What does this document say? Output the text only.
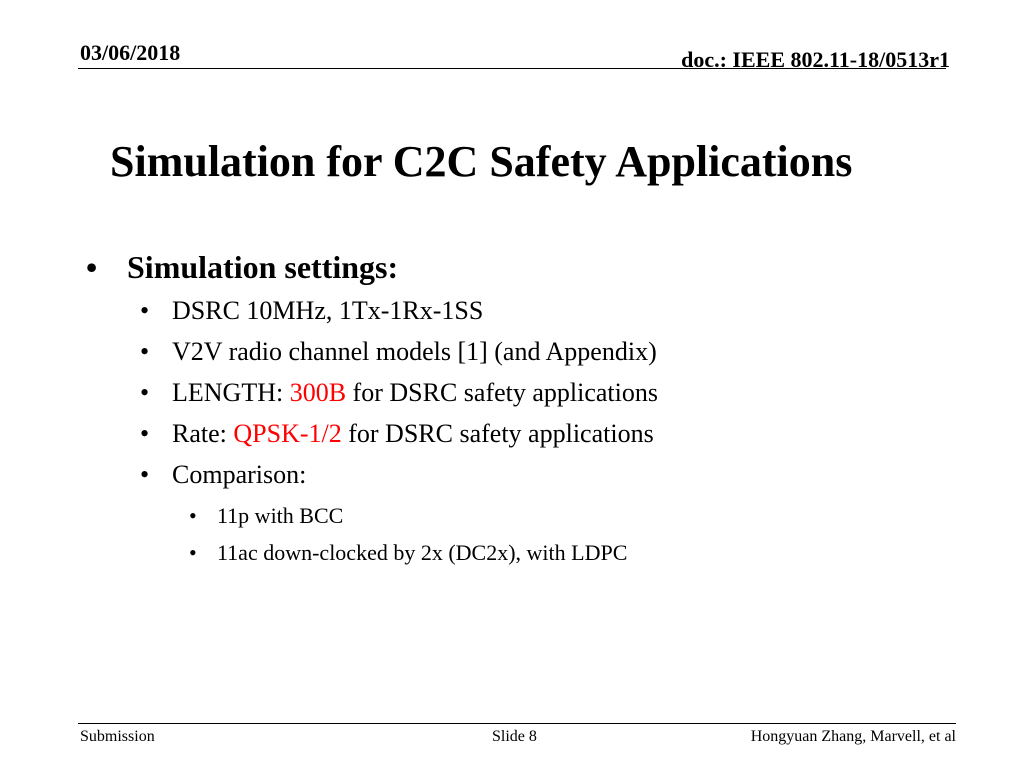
03/06/2018	doc.: IEEE 802.11-18/0513r1
Simulation for C2C Safety Applications
• Simulation settings:
• DSRC 10MHz, 1Tx-1Rx-1SS
• V2V radio channel models [1] (and Appendix)
• LENGTH: 300B for DSRC safety applications
• Rate: QPSK-1/2 for DSRC safety applications
• Comparison:
• 11p with BCC
• 11ac down-clocked by 2x (DC2x), with LDPC
Submission	Slide 8	Hongyuan Zhang, Marvell, et al
